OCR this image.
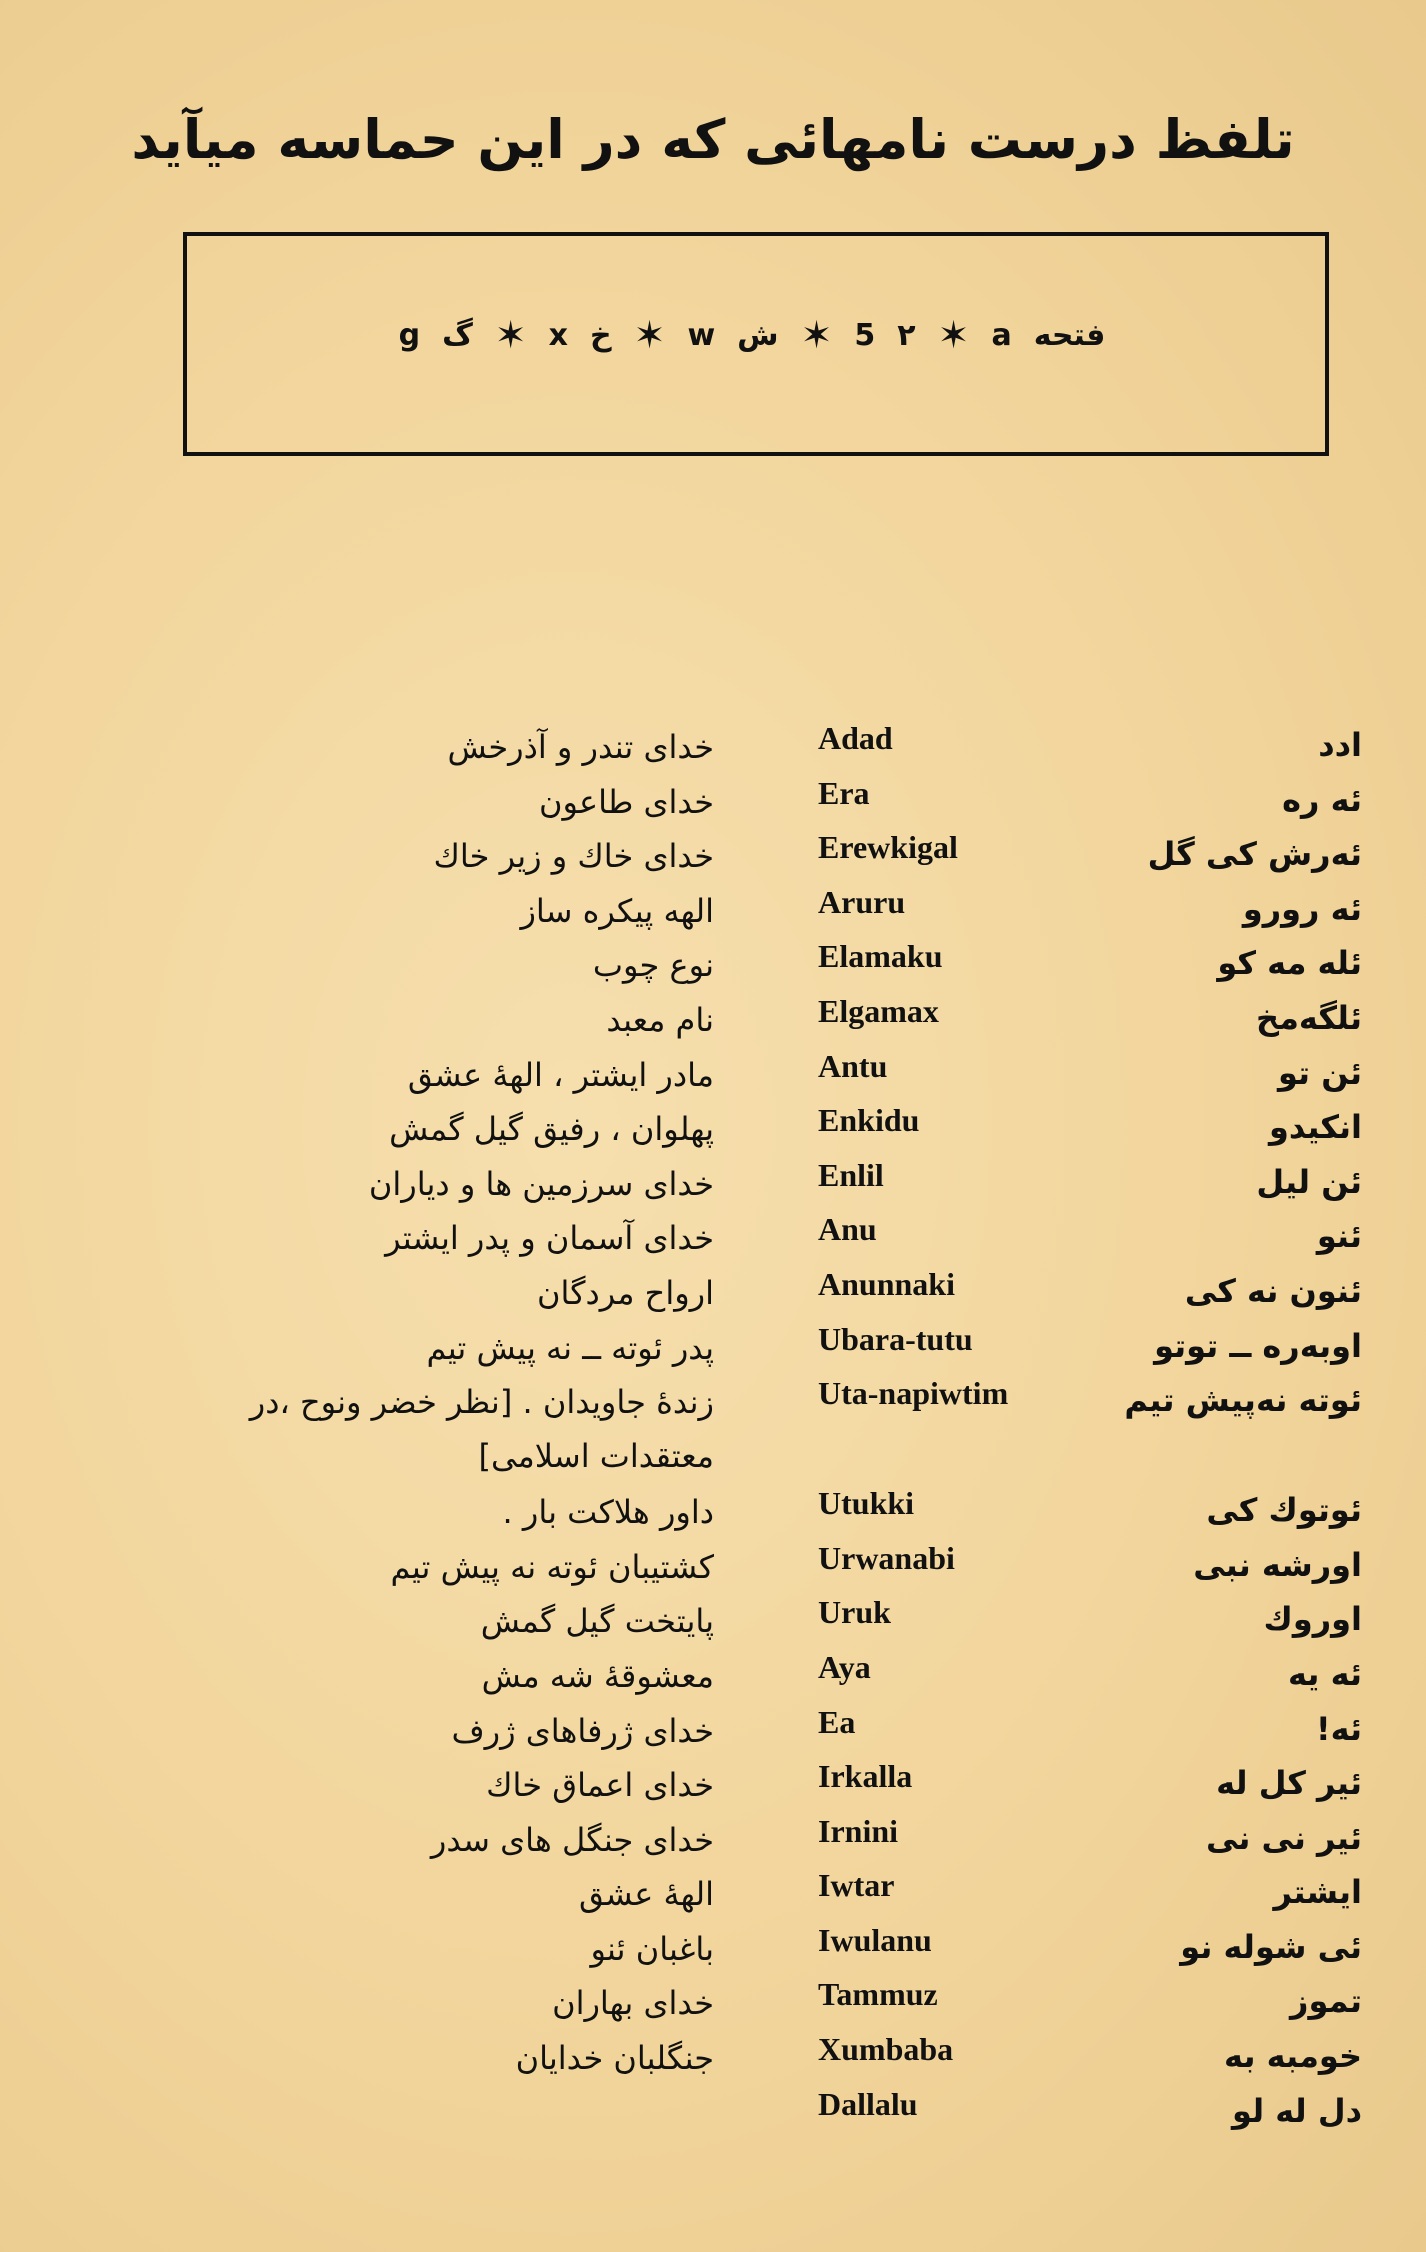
تلفظ درست نامهائی که در این حماسه میآید
فتحه
a
✶
٢
5
✶
ش
w
✶
خ
x
✶
گ
g
ادد
Adad
خدای تندر و آذرخش
ئه ره
Era
خدای طاعون
ئەرش کی گل
Erewkigal
خدای خاك و زیر خاك
ئه رورو
Aruru
الهه پیکره ساز
ئله مه کو
Elamaku
نوع چوب
ئلگەمخ
Elgamax
نام معبد
ئن تو
Antu
مادر ایشتر ، الههٔ عشق
انکیدو
Enkidu
پهلوان ، رفیق گیل گمش
ئن لیل
Enlil
خدای سرزمین ها و دیاران
ئنو
Anu
خدای آسمان و پدر ایشتر
ئنون نه کی
Anunnaki
ارواح مردگان
اوبەرە ــ توتو
Ubara-tutu
پدر ئوته ــ نه پیش تیم
ئوته نەپیش تیم
Uta-napiwtim
زندهٔ جاویدان . [نظر خضر ونوح ،در معتقدات اسلامی]
ئوتوك كی
Utukki
داور هلاکت بار .
اورشه نبی
Urwanabi
کشتیبان ئوته نه پیش تیم
اوروك
Uruk
پایتخت گیل گمش
ئه یه
Aya
معشوقهٔ شه مش
ئه!
Ea
خدای ژرفاهای ژرف
ئیر کل له
Irkalla
خدای اعماق خاك
ئیر نی نی
Irnini
خدای جنگل های سدر
ایشتر
Iwtar
الههٔ عشق
ئی شوله نو
Iwulanu
باغبان ئنو
تموز
Tammuz
خدای بهاران
خومبه به
Xumbaba
جنگلبان خدایان
دل له لو
Dallalu
